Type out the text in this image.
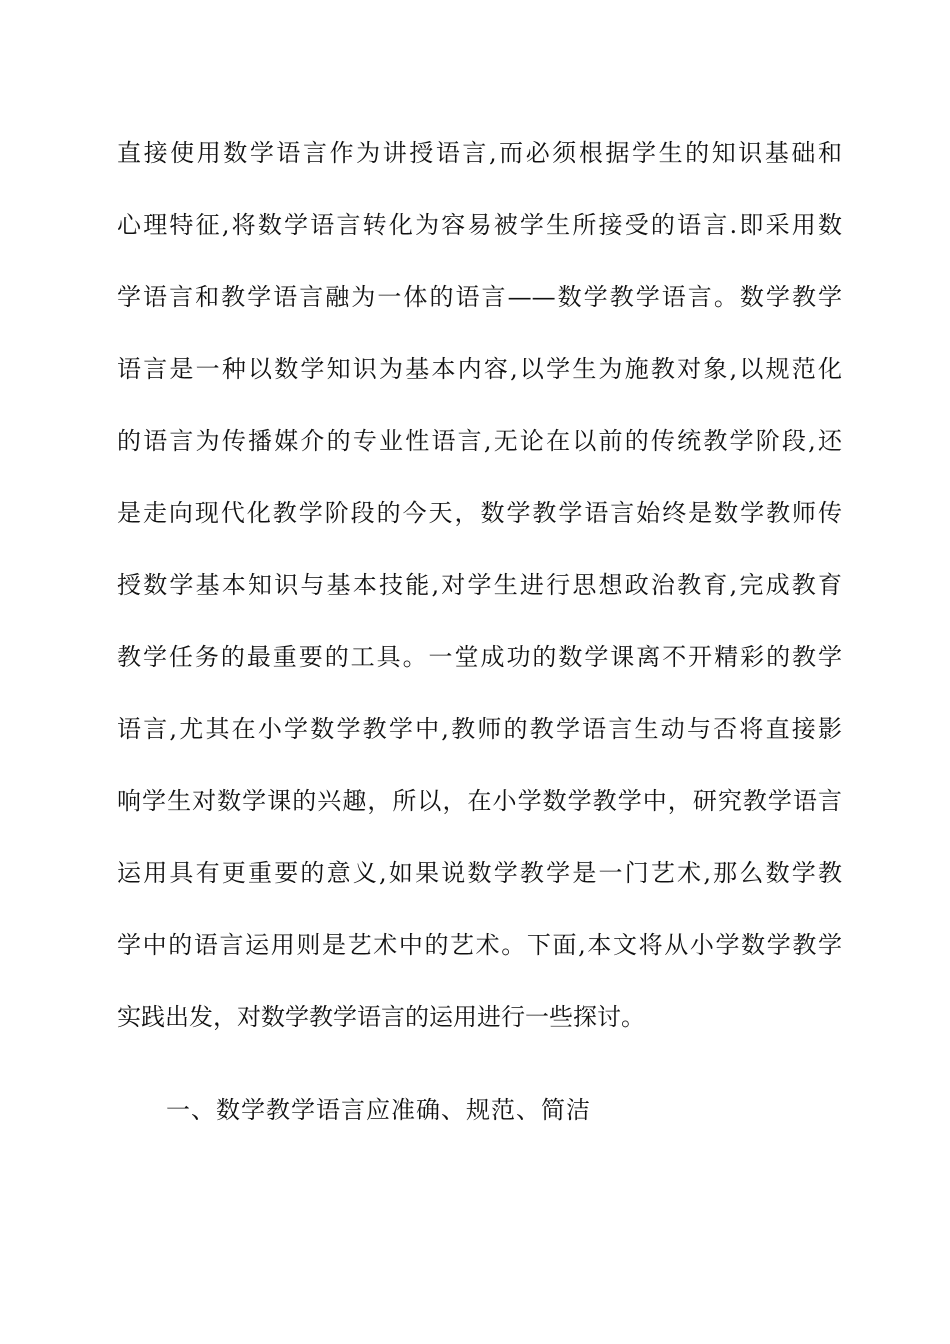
直接使用数学语言作为讲授语言,而必须根据学生的知识基础和
心理特征,将数学语言转化为容易被学生所接受的语言.即采用数
学语言和教学语言融为一体的语言——数学教学语言。数学教学
语言是一种以数学知识为基本内容,以学生为施教对象,以规范化
的语言为传播媒介的专业性语言,无论在以前的传统教学阶段,还
是走向现代化教学阶段的今天，数学教学语言始终是数学教师传
授数学基本知识与基本技能,对学生进行思想政治教育,完成教育
教学任务的最重要的工具。一堂成功的数学课离不开精彩的教学
语言,尤其在小学数学教学中,教师的教学语言生动与否将直接影
响学生对数学课的兴趣，所以，在小学数学教学中，研究教学语言
运用具有更重要的意义,如果说数学教学是一门艺术,那么数学教
学中的语言运用则是艺术中的艺术。下面,本文将从小学数学教学
实践出发，对数学教学语言的运用进行一些探讨。
一、数学教学语言应准确、规范、简洁
